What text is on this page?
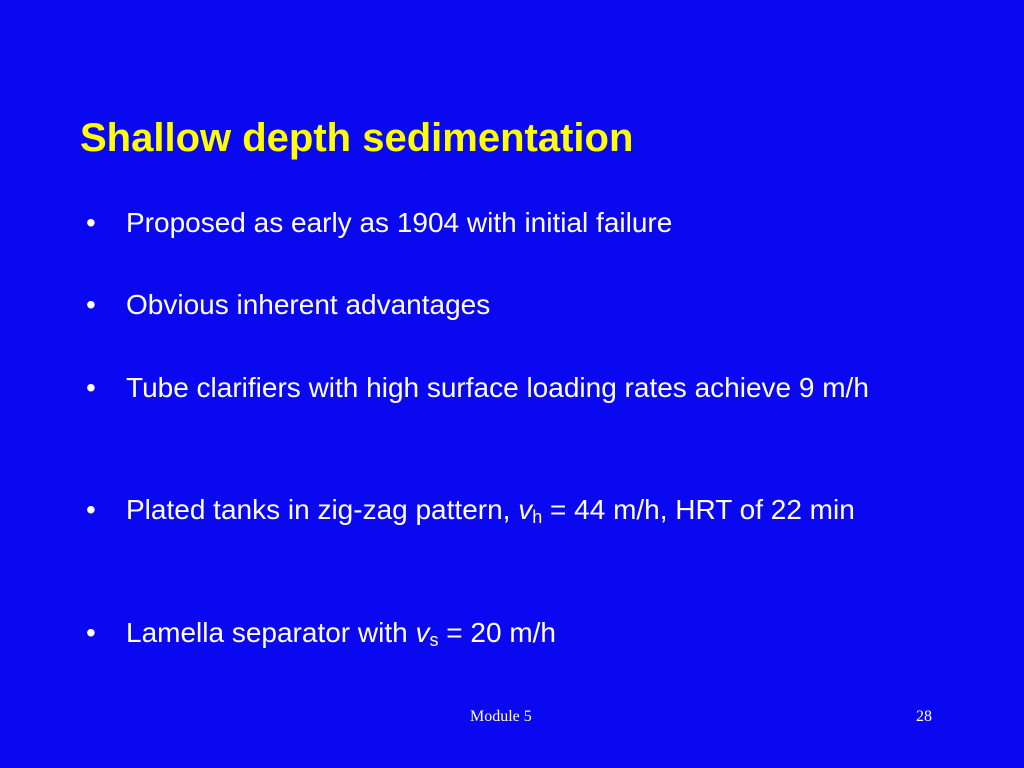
Shallow depth sedimentation
• Proposed as early as 1904 with initial failure
• Obvious inherent advantages
• Tube clarifiers with high surface loading rates achieve 9 m/h
• Plated tanks in zig-zag pattern, $v_h = 44$ m/h, HRT of 22 min
• Lamella separator with $v_s = 20$ m/h
Module 5	28
